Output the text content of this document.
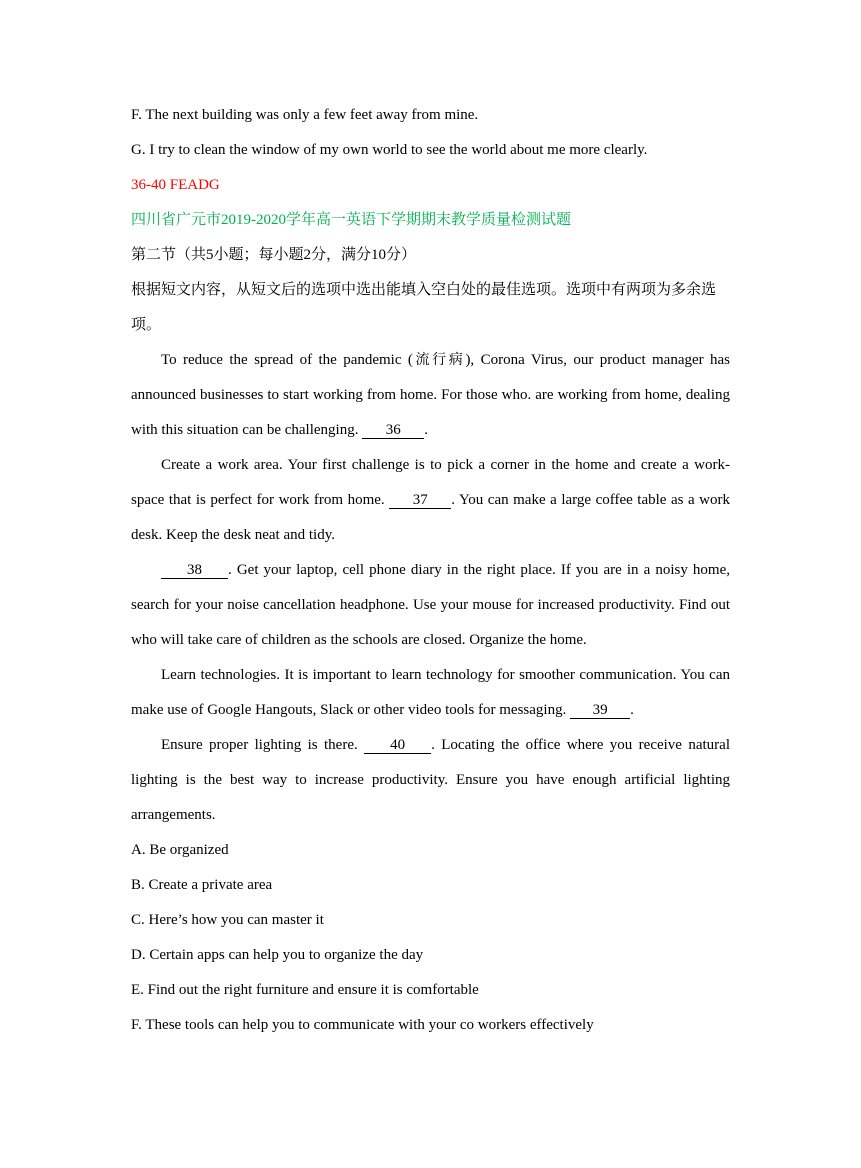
F. The next building was only a few feet away from mine.
G. I try to clean the window of my own world to see the world about me more clearly.
36-40 FEADG
四川省广元市2019-2020学年高一英语下学期期末教学质量检测试题
第二节（共5小题；每小题2分，满分10分）
根据短文内容，从短文后的选项中选出能填入空白处的最佳选项。选项中有两项为多余选
项。

To reduce the spread of the pandemic (流行病), Corona Virus, our product manager has announced businesses to start working from home. For those who. are working from home, dealing with this situation can be challenging. 36 .

Create a work area. Your first challenge is to pick a corner in the home and create a work-space that is perfect for work from home. 37 . You can make a large coffee table as a work desk. Keep the desk neat and tidy.

38 . Get your laptop, cell phone diary in the right place. If you are in a noisy home, search for your noise cancellation headphone. Use your mouse for increased productivity. Find out who will take care of children as the schools are closed. Organize the home.

Learn technologies. It is important to learn technology for smoother communication. You can make use of Google Hangouts, Slack or other video tools for messaging. 39 .

Ensure proper lighting is there. 40 . Locating the office where you receive natural lighting is the best way to increase productivity. Ensure you have enough artificial lighting arrangements.

A. Be organized
B. Create a private area
C. Here’s how you can master it
D. Certain apps can help you to organize the day
E. Find out the right furniture and ensure it is comfortable
F. These tools can help you to communicate with your co workers effectively
